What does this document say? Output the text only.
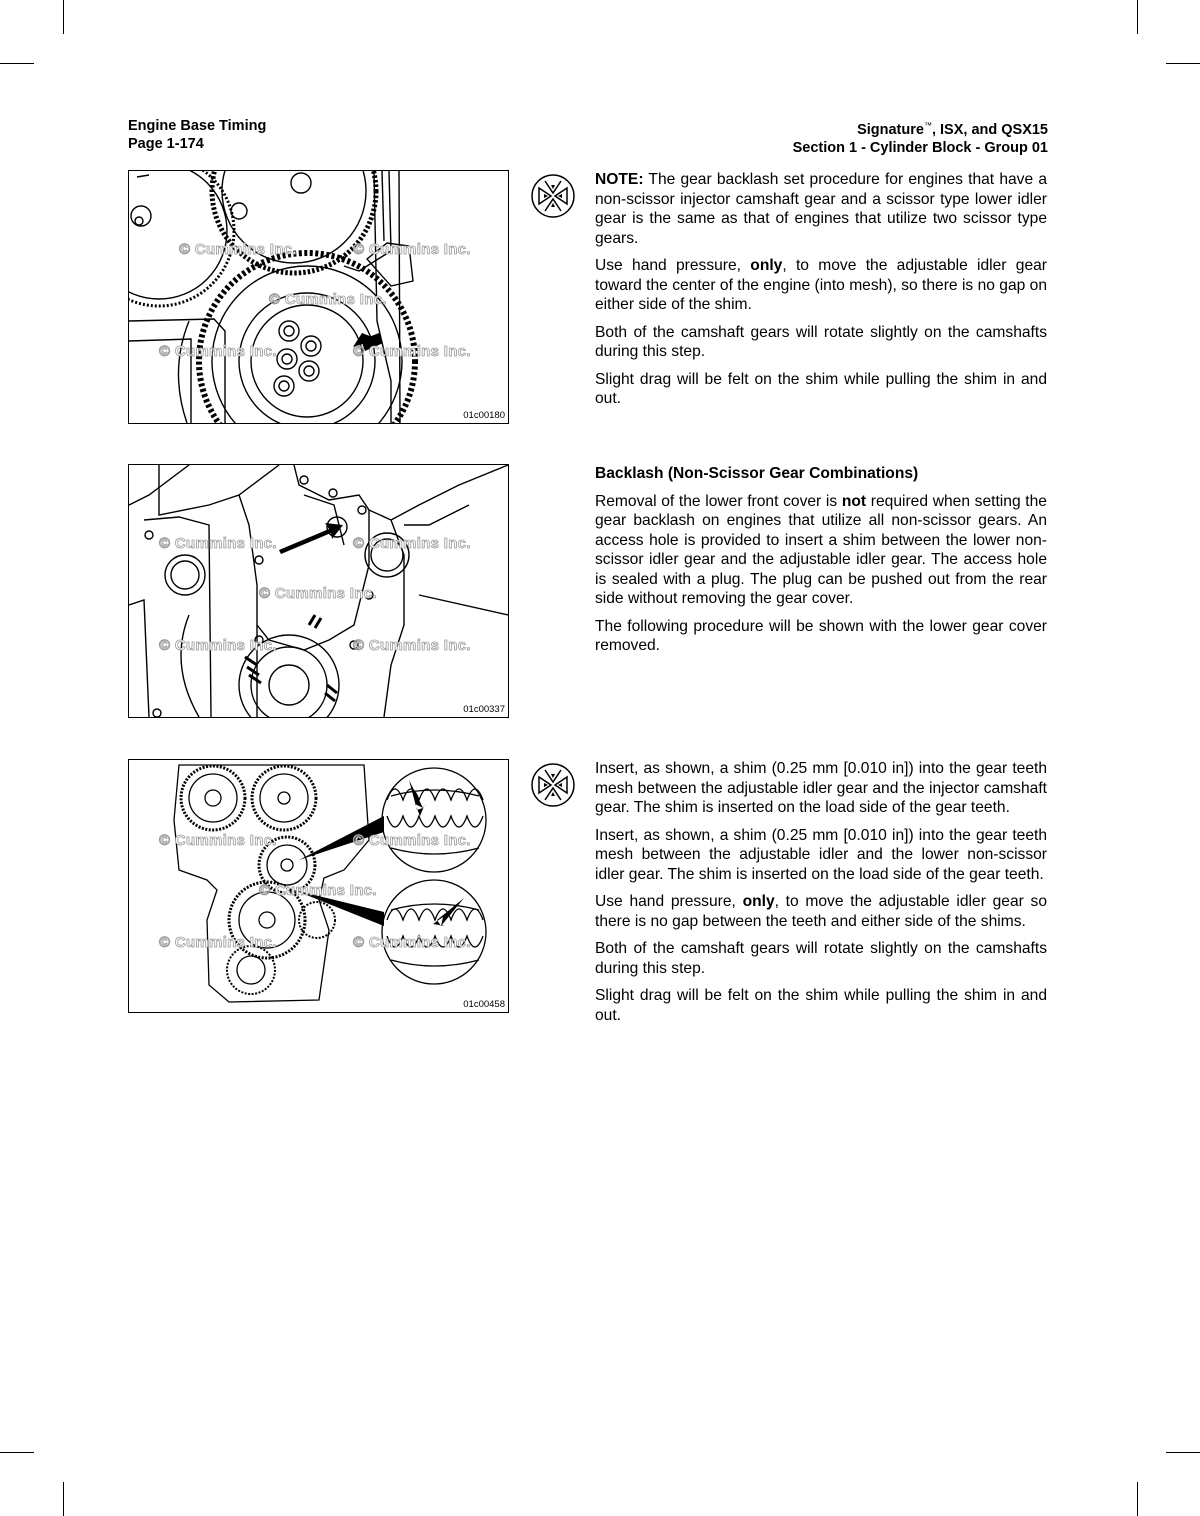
Engine Base Timing
Page 1-174
Signature™, ISX, and QSX15
Section 1 - Cylinder Block - Group 01
© Cummins Inc.	© Cummins Inc.
© Cummins Inc.
© Cummins Inc.	© Cummins Inc.
01c00180

NOTE: The gear backlash set procedure for engines that have a non-scissor injector camshaft gear and a scissor type lower idler gear is the same as that of engines that utilize two scissor type gears.

Use hand pressure, only, to move the adjustable idler gear toward the center of the engine (into mesh), so there is no gap on either side of the shim.

Both of the camshaft gears will rotate slightly on the camshafts during this step.

Slight drag will be felt on the shim while pulling the shim in and out.

© Cummins Inc.	© Cummins Inc.
© Cummins Inc.
© Cummins Inc.	© Cummins Inc.
01c00337
Backlash (Non-Scissor Gear Combinations)

Removal of the lower front cover is not required when setting the gear backlash on engines that utilize all non-scissor gears. An access hole is provided to insert a shim between the lower non-scissor idler gear and the adjustable idler gear. The access hole is sealed with a plug. The plug can be pushed out from the rear side without removing the gear cover.

The following procedure will be shown with the lower gear cover removed.

© Cummins Inc.	© Cummins Inc.
© Cummins Inc.
© Cummins Inc.	© Cummins Inc.
01c00458

Insert, as shown, a shim (0.25 mm [0.010 in]) into the gear teeth mesh between the adjustable idler gear and the injector camshaft gear. The shim is inserted on the load side of the gear teeth.

Insert, as shown, a shim (0.25 mm [0.010 in]) into the gear teeth mesh between the adjustable idler and the lower non-scissor idler gear. The shim is inserted on the load side of the gear teeth.

Use hand pressure, only, to move the adjustable idler gear so there is no gap between the teeth and either side of the shims.

Both of the camshaft gears will rotate slightly on the camshafts during this step.

Slight drag will be felt on the shim while pulling the shim in and out.
